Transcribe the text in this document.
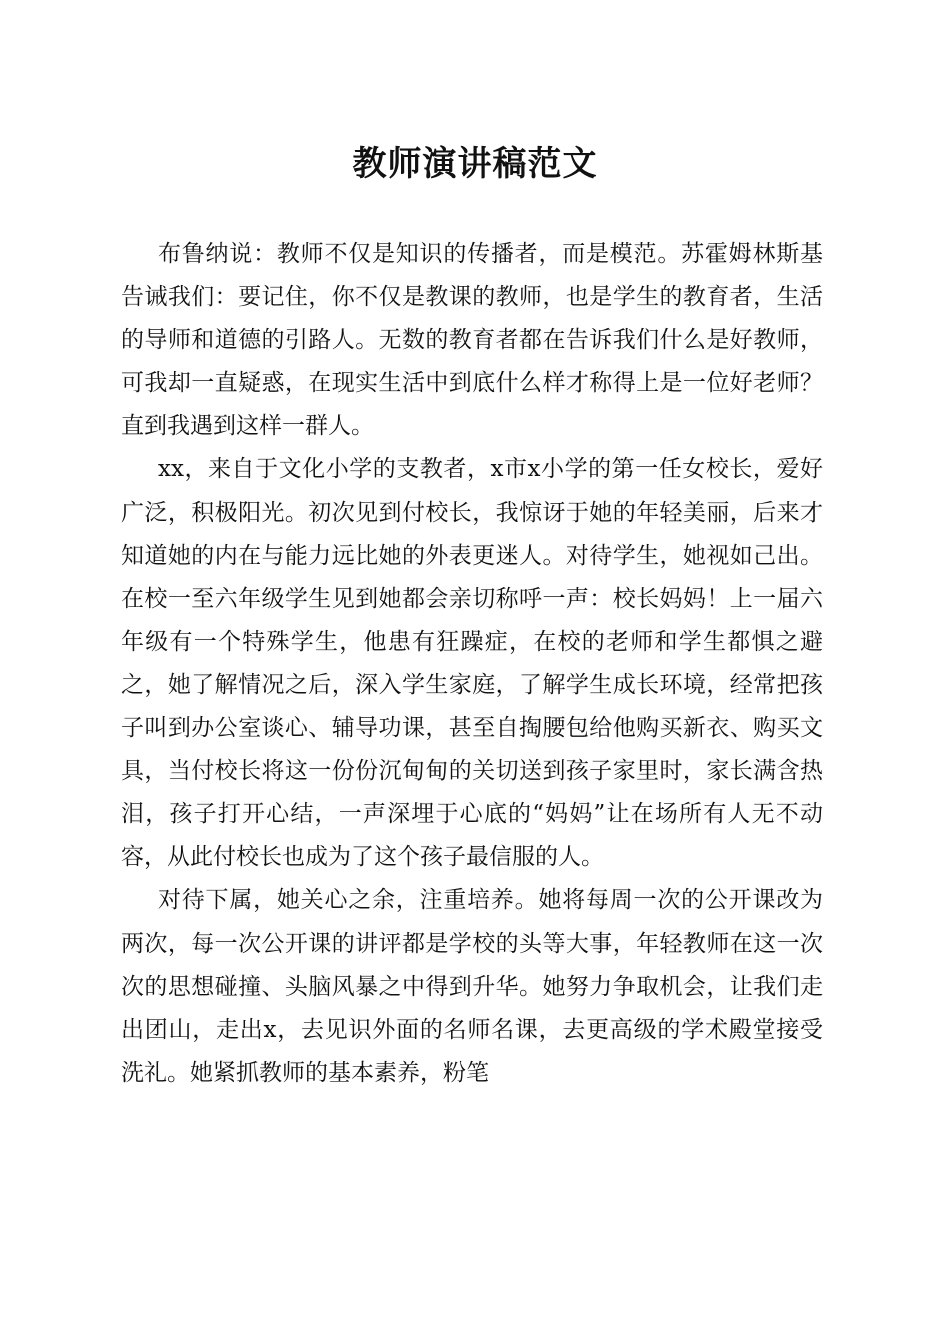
教师演讲稿范文

布鲁纳说：教师不仅是知识的传播者，而是模范。苏霍姆林斯基告诫我们：要记住，你不仅是教课的教师，也是学生的教育者，生活的导师和道德的引路人。无数的教育者都在告诉我们什么是好教师，可我却一直疑惑，在现实生活中到底什么样才称得上是一位好老师？直到我遇到这样一群人。

xx，来自于文化小学的支教者，x市x小学的第一任女校长，爱好广泛，积极阳光。初次见到付校长，我惊讶于她的年轻美丽，后来才知道她的内在与能力远比她的外表更迷人。对待学生，她视如己出。在校一至六年级学生见到她都会亲切称呼一声：校长妈妈！上一届六年级有一个特殊学生，他患有狂躁症，在校的老师和学生都惧之避之，她了解情况之后，深入学生家庭，了解学生成长环境，经常把孩子叫到办公室谈心、辅导功课，甚至自掏腰包给他购买新衣、购买文具，当付校长将这一份份沉甸甸的关切送到孩子家里时，家长满含热泪，孩子打开心结，一声深埋于心底的“妈妈”让在场所有人无不动容，从此付校长也成为了这个孩子最信服的人。

对待下属，她关心之余，注重培养。她将每周一次的公开课改为两次，每一次公开课的讲评都是学校的头等大事，年轻教师在这一次次的思想碰撞、头脑风暴之中得到升华。她努力争取机会，让我们走出团山，走出x，去见识外面的名师名课，去更高级的学术殿堂接受洗礼。她紧抓教师的基本素养，粉笔
